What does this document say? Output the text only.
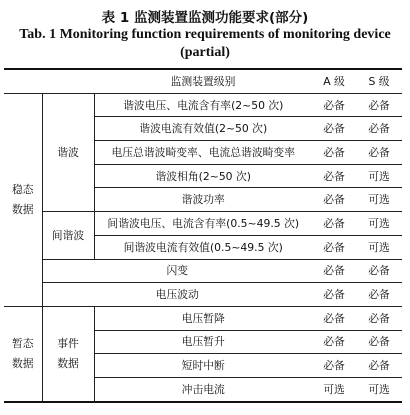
表 1 监测装置监测功能要求(部分)
Tab. 1 Monitoring function requirements of monitoring device (partial)
		监测装置级别	A 级	S 级
稳态数据	谐波	谐波电压、电流含有率(2~50 次)	必备	必备
		谐波电流有效值(2~50 次)	必备	必备
		电压总谐波畸变率、电流总谐波畸变率	必备	必备
		谐波相角(2~50 次)	必备	可选
		谐波功率	必备	可选
	间谐波	间谐波电压、电流含有率(0.5~49.5 次)	必备	可选
		间谐波电流有效值(0.5~49.5 次)	必备	可选
	闪变		必备	必备
	电压波动		必备	必备
暂态数据	事件数据	电压暂降	必备	必备
		电压暂升	必备	必备
		短时中断	必备	必备
		冲击电流	可选	可选
